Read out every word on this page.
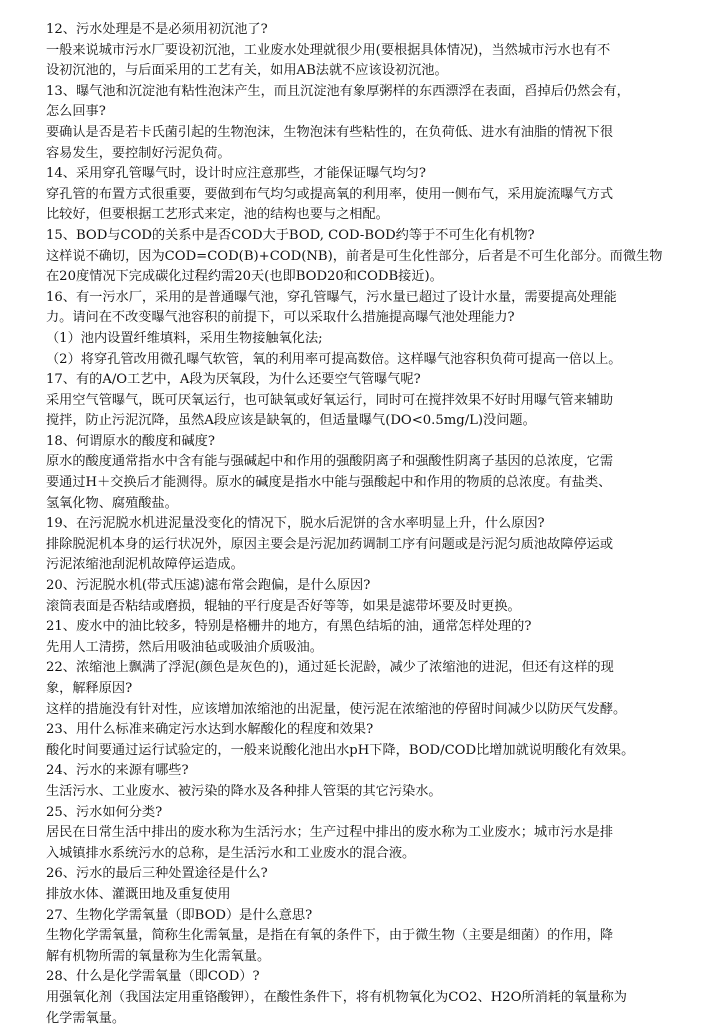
12、污水处理是不是必须用初沉池了?
一般来说城市污水厂要设初沉池，工业废水处理就很少用(要根据具体情况)，当然城市污水也有不
设初沉池的，与后面采用的工艺有关，如用AB法就不应该设初沉池。
13、曝气池和沉淀池有粘性泡沫产生，而且沉淀池有象厚粥样的东西漂浮在表面，舀掉后仍然会有，
怎么回事?
要确认是否是若卡氏菌引起的生物泡沫，生物泡沫有些粘性的，在负荷低、进水有油脂的情祝下很
容易发生，要控制好污泥负荷。
14、采用穿孔管曝气时，设计时应注意那些，才能保证曝气均匀?
穿孔管的布置方式很重要，要做到布气均匀或提高氧的利用率，使用一侧布气，采用旋流曝气方式
比较好，但要根据工艺形式来定，池的结构也要与之相配。
15、BOD与COD的关系中是否COD大于BOD, COD-BOD约等于不可生化有机物?
这样说不确切，因为COD=COD(B)+COD(NB)，前者是可生化性部分，后者是不可生化部分。而微生物
在20度情况下完成碳化过程约需20天(也即BOD20和CODB接近)。
16、有一污水厂，采用的是普通曝气池，穿孔管曝气，污水量已超过了设计水量，需要提高处理能
力。请问在不改变曝气池容积的前提下，可以采取什么措施提高曝气池处理能力?
（1）池内设置纤维填料，采用生物接触氧化法;
（2）将穿孔管改用微孔曝气软管，氧的利用率可提高数倍。这样曝气池容积负荷可提高一倍以上。
17、有的A/O工艺中，A段为厌氧段，为什么还要空气管曝气呢?
采用空气管曝气，既可厌氧运行，也可缺氧或好氧运行，同时可在搅拌效果不好时用曝气管来辅助
搅拌，防止污泥沉降，虽然A段应该是缺氧的，但适量曝气(DO<0.5mg/L)没问题。
18、何谓原水的酸度和碱度?
原水的酸度通常指水中含有能与强碱起中和作用的强酸阴离子和强酸性阴离子基因的总浓度，它需
要通过H＋交换后才能测得。原水的碱度是指水中能与强酸起中和作用的物质的总浓度。有盐类、
氢氧化物、腐殖酸盐。
19、在污泥脱水机进泥量没变化的情况下，脱水后泥饼的含水率明显上升，什么原因?
排除脱泥机本身的运行状况外，原因主要会是污泥加药调制工序有问题或是污泥匀质池故障停运或
污泥浓缩池刮泥机故障停运造成。
20、污泥脱水机(带式压滤)滤布常会跑偏，是什么原因?
滚筒表面是否粘结或磨损，辊轴的平行度是否好等等，如果是滤带坏要及时更换。
21、废水中的油比较多，特别是格栅井的地方，有黑色结垢的油，通常怎样处理的?
先用人工清捞，然后用吸油毡或吸油介质吸油。
22、浓缩池上飘满了浮泥(颜色是灰色的)，通过延长泥龄，减少了浓缩池的进泥，但还有这样的现
象，解释原因?
这样的措施没有针对性，应该增加浓缩池的出泥量，使污泥在浓缩池的停留时间减少以防厌气发酵。
23、用什么标准来确定污水达到水解酸化的程度和效果?
酸化时间要通过运行试验定的，一般来说酸化池出水pH下降，BOD/COD比增加就说明酸化有效果。
24、污水的来源有哪些?
生活污水、工业废水、被污染的降水及各种排人管渠的其它污染水。
25、污水如何分类?
居民在日常生活中排出的废水称为生活污水；生产过程中排出的废水称为工业废水；城市污水是排
入城镇排水系统污水的总称，是生活污水和工业废水的混合液。
26、污水的最后三种处置途径是什么?
排放水体、灌溉田地及重复使用
27、生物化学需氧量（即BOD）是什么意思?
生物化学需氧量，简称生化需氧量，是指在有氧的条件下，由于微生物（主要是细菌）的作用，降
解有机物所需的氧量称为生化需氧量。
28、什么是化学需氧量（即COD）?
用强氧化剂（我国法定用重铬酸钾），在酸性条件下，将有机物氧化为CO2、H2O所消耗的氧量称为
化学需氧量。
